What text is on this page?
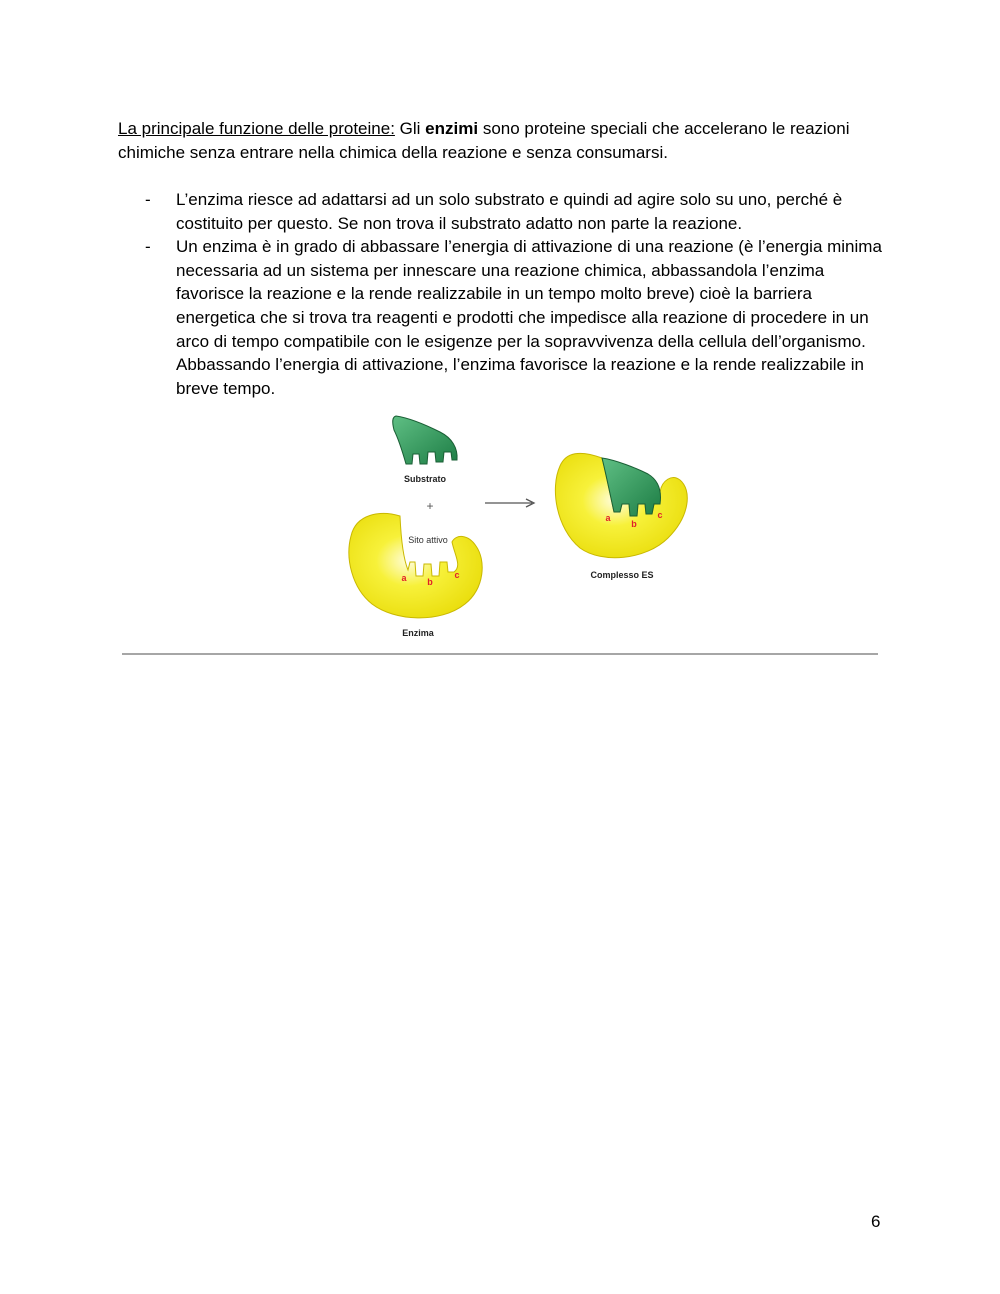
La principale funzione delle proteine: Gli enzimi sono proteine speciali che accelerano le reazioni chimiche senza entrare nella chimica della reazione e senza consumarsi.
- L’enzima riesce ad adattarsi ad un solo substrato e quindi ad agire solo su uno, perché è costituito per questo. Se non trova il substrato adatto non parte la reazione.
- Un enzima è in grado di abbassare l’energia di attivazione di una reazione (è l’energia minima necessaria ad un sistema per innescare una reazione chimica, abbassandola l’enzima favorisce la reazione e la rende realizzabile in un tempo molto breve) cioè la barriera energetica che si trova tra reagenti e prodotti che impedisce alla reazione di procedere in un arco di tempo compatibile con le esigenze per la sopravvivenza della cellula dell’organismo. Abbassando l’energia di attivazione, l’enzima favorisce la reazione e la rende realizzabile in breve tempo.
Substrato
+
Sito attivo
a b
c
Enzima
a
b
c
Complesso ES
6
